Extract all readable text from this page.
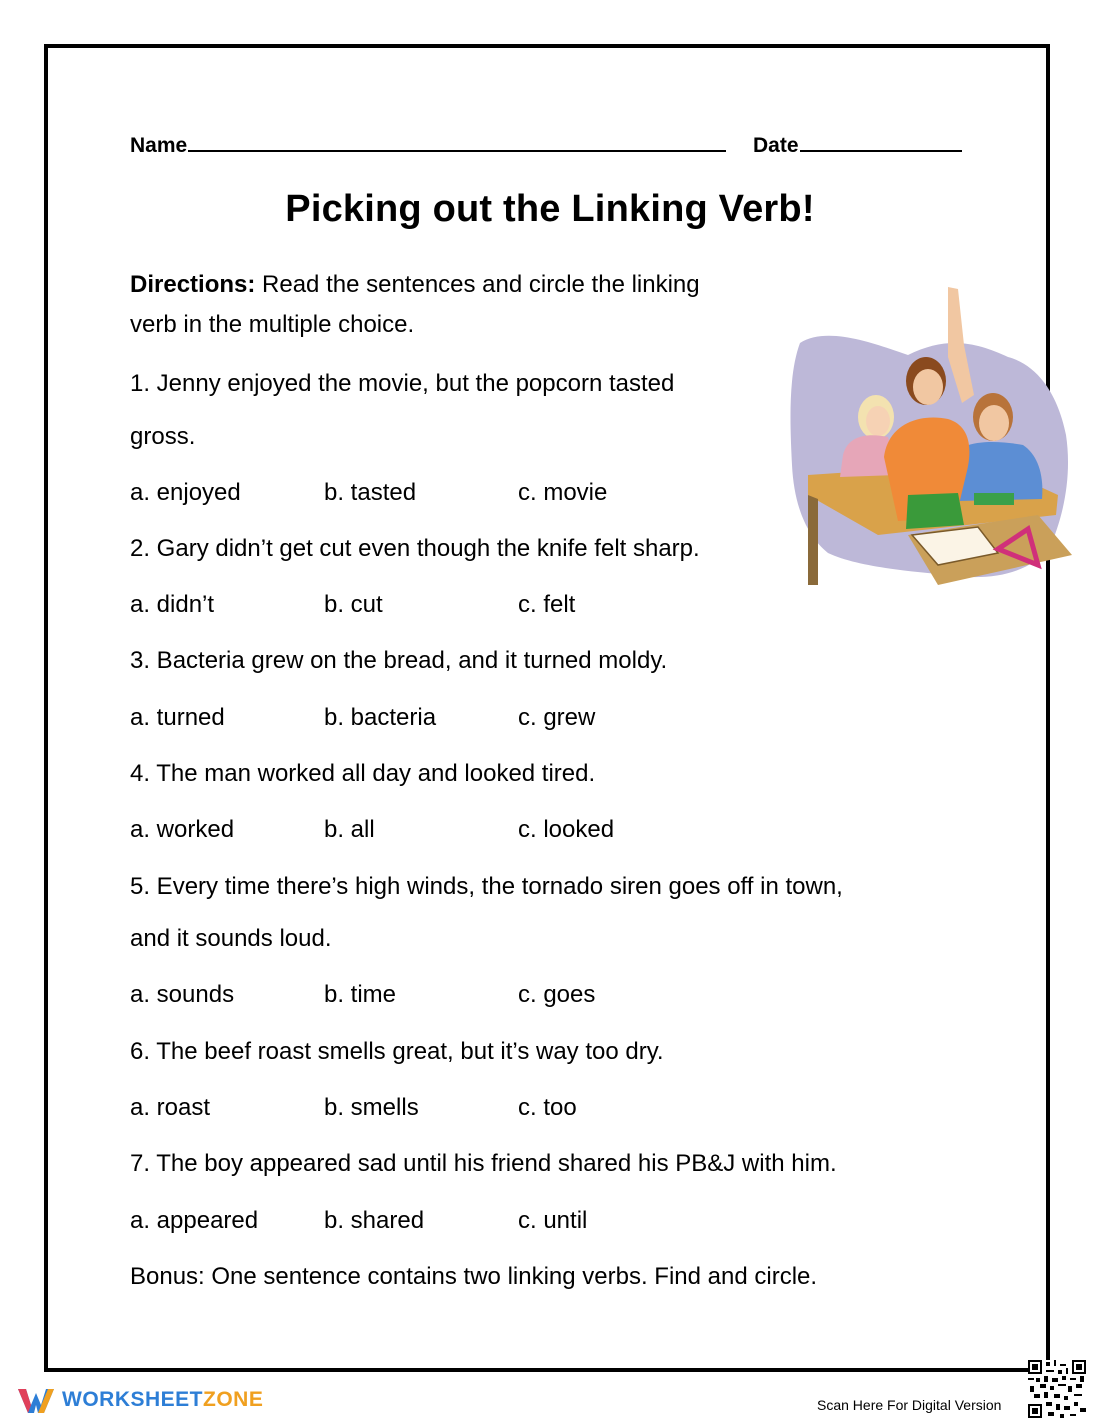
Name	Date
Picking out the Linking Verb!
Directions: Read the sentences and circle the linking
verb in the multiple choice.
1. Jenny enjoyed the movie, but the popcorn tasted
gross.
a. enjoyed	b. tasted	c. movie
2. Gary didn’t get cut even though the knife felt sharp.
a. didn’t	b. cut	c. felt
3. Bacteria grew on the bread, and it turned moldy.
a. turned	b. bacteria	c. grew
4. The man worked all day and looked tired.
a. worked	b. all	c. looked
5. Every time there’s high winds, the tornado siren goes off in town,
and it sounds loud.
a. sounds	b. time	c. goes
6. The beef roast smells great, but it’s way too dry.
a. roast	b. smells	c. too
7. The boy appeared sad until his friend shared his PB&J with him.
a. appeared	b. shared	c. until
Bonus: One sentence contains two linking verbs. Find and circle.
WORKSHEETZONE	Scan Here For Digital Version
